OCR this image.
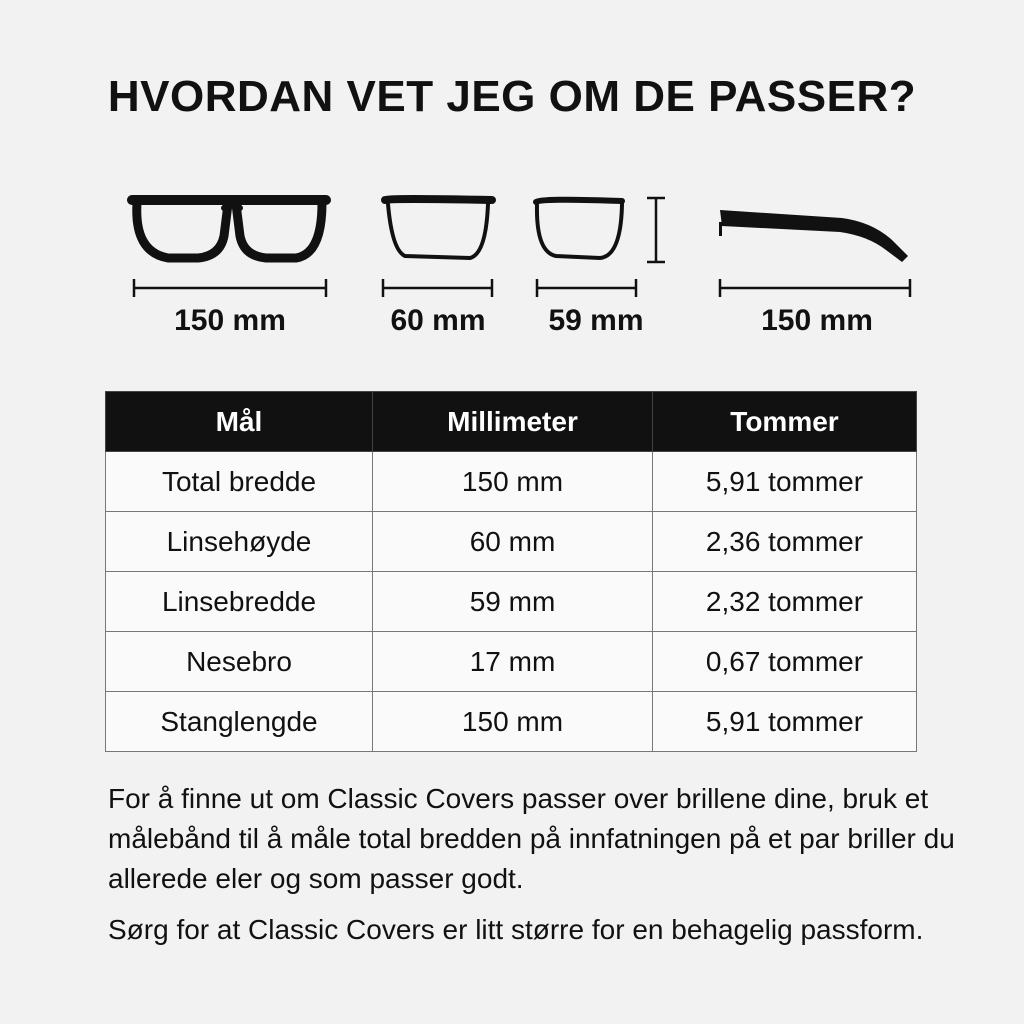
HVORDAN VET JEG OM DE PASSER?
150 mm	60 mm	59 mm	150 mm
Mål	Millimeter	Tommer
Total bredde	150 mm	5,91 tommer
Linsehøyde	60 mm	2,36 tommer
Linsebredde	59 mm	2,32 tommer
Nesebro	17 mm	0,67 tommer
Stanglengde	150 mm	5,91 tommer
For å finne ut om Classic Covers passer over brillene dine, bruk et målebånd til å måle total bredden på innfatningen på et par briller du allerede eler og som passer godt.
Sørg for at Classic Covers er litt større for en behagelig passform.
